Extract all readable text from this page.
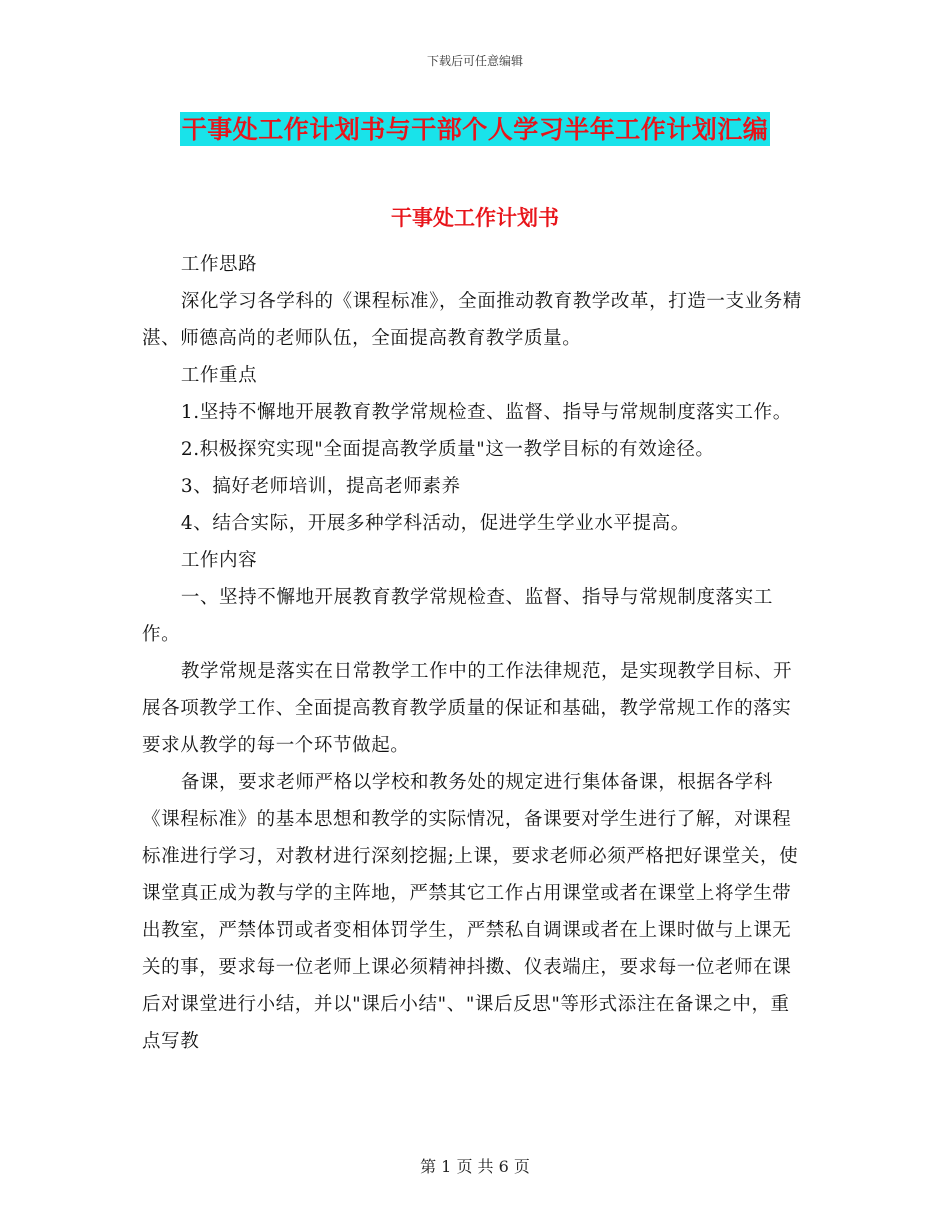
下载后可任意编辑
干事处工作计划书与干部个人学习半年工作计划汇编
干事处工作计划书

工作思路

深化学习各学科的《课程标准》，全面推动教育教学改革，打造一支业务精湛、师德高尚的老师队伍，全面提高教育教学质量。

工作重点

1.坚持不懈地开展教育教学常规检查、监督、指导与常规制度落实工作。

2.积极探究实现"全面提高教学质量"这一教学目标的有效途径。

3、搞好老师培训，提高老师素养

4、结合实际，开展多种学科活动，促进学生学业水平提高。

工作内容

一、坚持不懈地开展教育教学常规检查、监督、指导与常规制度落实工作。

教学常规是落实在日常教学工作中的工作法律规范，是实现教学目标、开展各项教学工作、全面提高教育教学质量的保证和基础，教学常规工作的落实要求从教学的每一个环节做起。

备课，要求老师严格以学校和教务处的规定进行集体备课，根据各学科《课程标准》的基本思想和教学的实际情况，备课要对学生进行了解，对课程标准进行学习，对教材进行深刻挖掘;上课，要求老师必须严格把好课堂关，使课堂真正成为教与学的主阵地，严禁其它工作占用课堂或者在课堂上将学生带出教室，严禁体罚或者变相体罚学生，严禁私自调课或者在上课时做与上课无关的事，要求每一位老师上课必须精神抖擞、仪表端庄，要求每一位老师在课后对课堂进行小结，并以"课后小结"、"课后反思"等形式添注在备课之中，重点写教

第 1 页 共 6 页
